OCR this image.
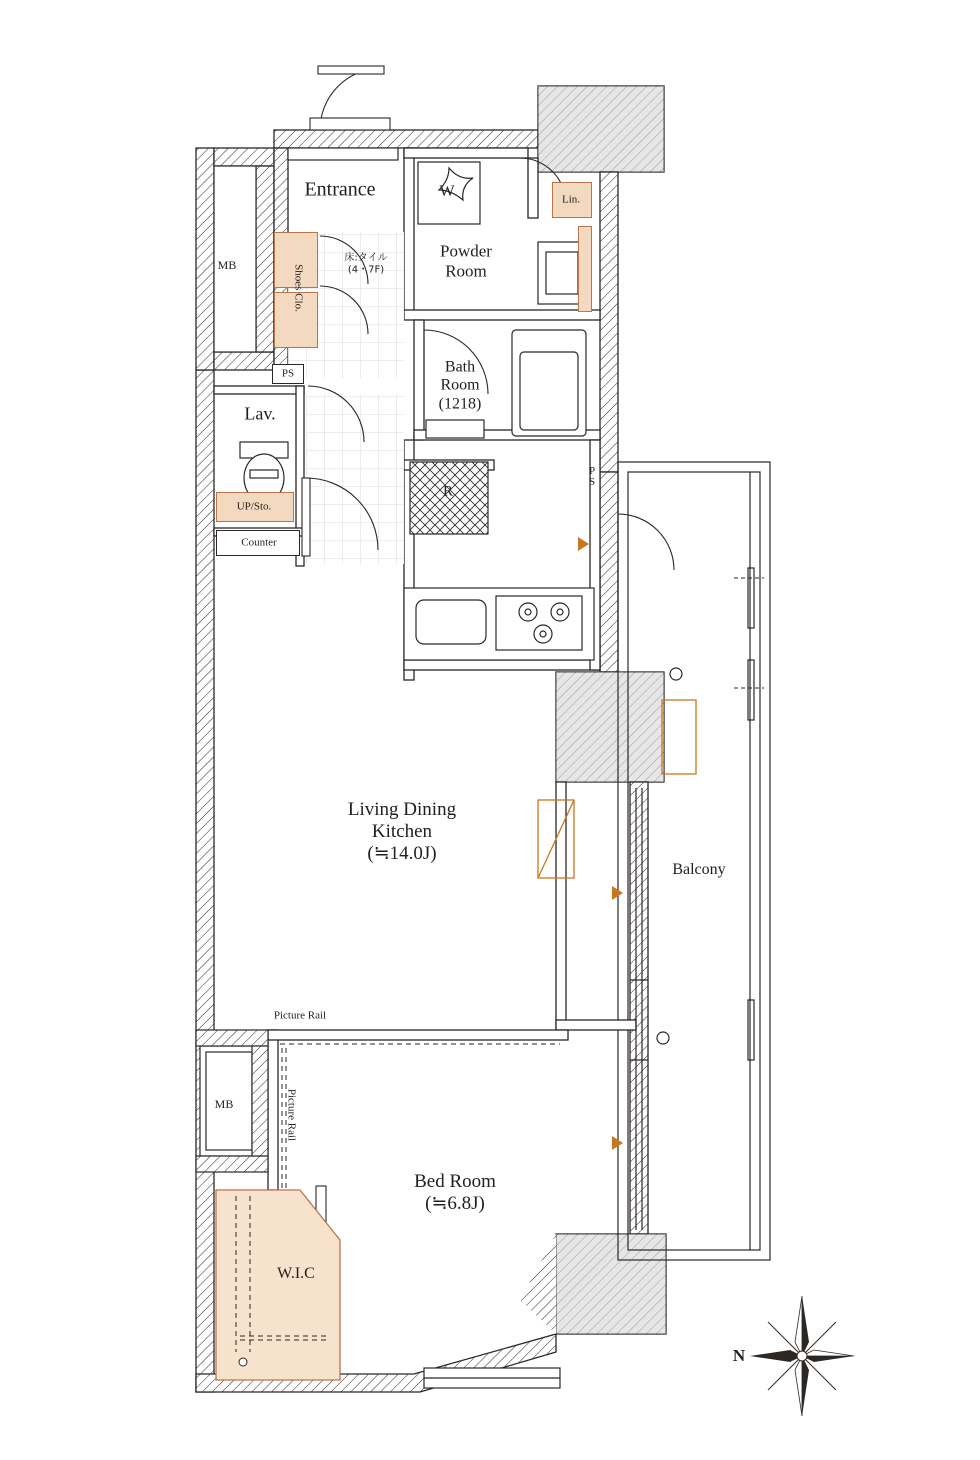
Entrance
Powder
Room
Bath
Room
(1218)
Lav.
Living Dining
Kitchen
(≒14.0J)
Bed Room
(≒6.8J)
Balcony
W.I.C
MB
MB
W	Lin.
Shoes Clo.
床:タイル
(4・7F)
PS
P
S
R
UP/Sto.
Counter
Picture Rail
Picture Rail
N
